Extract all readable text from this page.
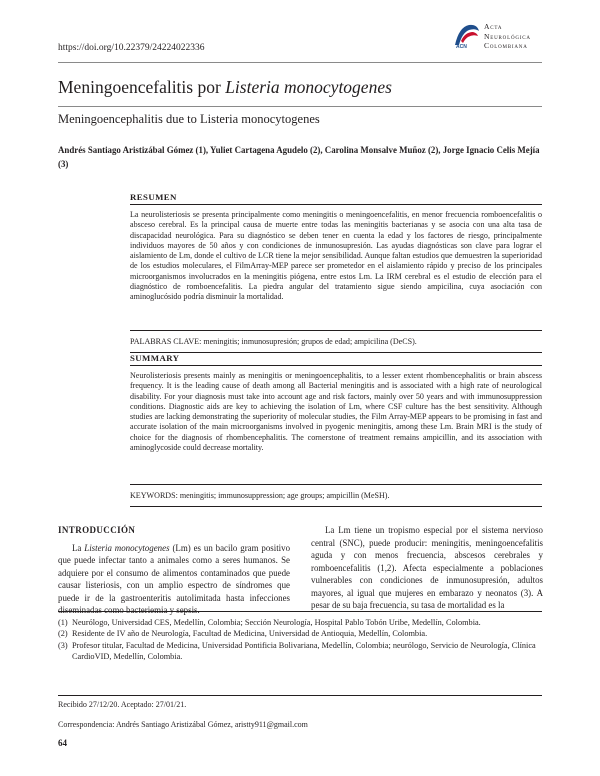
https://doi.org/10.22379/24224022336	ACN
Acta
Neurológica
Colombiana
Meningoencefalitis por Listeria monocytogenes
Meningoencephalitis due to Listeria monocytogenes
Andrés Santiago Aristizábal Gómez (1), Yuliet Cartagena Agudelo (2), Carolina Monsalve Muñoz (2), Jorge Ignacio Celis Mejía (3)
RESUMEN

La neurolisteriosis se presenta principalmente como meningitis o meningoencefalitis, en menor frecuencia romboencefalitis o absceso cerebral. Es la principal causa de muerte entre todas las meningitis bacterianas y se asocia con una alta tasa de discapacidad neurológica. Para su diagnóstico se deben tener en cuenta la edad y los factores de riesgo, principalmente individuos mayores de 50 años y con condiciones de inmunosupresión. Las ayudas diagnósticas son clave para lograr el aislamiento de Lm, donde el cultivo de LCR tiene la mejor sensibilidad. Aunque faltan estudios que demuestren la superioridad de los estudios moleculares, el FilmArray-MEP parece ser prometedor en el aislamiento rápido y preciso de los principales microorganismos involucrados en la meningitis piógena, entre estos Lm. La IRM cerebral es el estudio de elección para el diagnóstico de romboencefalitis. La piedra angular del tratamiento sigue siendo ampicilina, cuya asociación con aminoglucósido podría disminuir la mortalidad.

PALABRAS CLAVE: meningitis; inmunosupresión; grupos de edad; ampicilina (DeCS).
SUMMARY

Neurolisteriosis presents mainly as meningitis or meningoencephalitis, to a lesser extent rhombencephalitis or brain abscess frequency. It is the leading cause of death among all Bacterial meningitis and is associated with a high rate of neurological disability. For your diagnosis must take into account age and risk factors, mainly over 50 years and with immunosuppression conditions. Diagnostic aids are key to achieving the isolation of Lm, where CSF culture has the best sensitivity. Although studies are lacking demonstrating the superiority of molecular studies, the Film Array-MEP appears to be promising in fast and accurate isolation of the main microorganisms involved in pyogenic meningitis, among these Lm. Brain MRI is the study of choice for the diagnosis of rhombencephalitis. The cornerstone of treatment remains ampicillin, and its association with aminoglycoside could decrease mortality.

KEYWORDS: meningitis; immunosuppression; age groups; ampicillin (MeSH).
INTRODUCCIÓN

La Listeria monocytogenes (Lm) es un bacilo gram positivo que puede infectar tanto a animales como a seres humanos. Se adquiere por el consumo de alimentos contaminados que puede causar listeriosis, con un amplio espectro de síndromes que puede ir de la gastroenteritis autolimitada hasta infecciones diseminadas como bacteriemia y sepsis.

La Lm tiene un tropismo especial por el sistema nervioso central (SNC), puede producir: meningitis, meningoencefalitis aguda y con menos frecuencia, abscesos cerebrales y romboencefalitis (1,2). Afecta especialmente a poblaciones vulnerables con condiciones de inmunosupresión, adultos mayores, al igual que mujeres en embarazo y neonatos (3). A pesar de su baja frecuencia, su tasa de mortalidad es la

(1) Neurólogo, Universidad CES, Medellín, Colombia; Sección Neurología, Hospital Pablo Tobón Uribe, Medellín, Colombia.
(2) Residente de IV año de Neurología, Facultad de Medicina, Universidad de Antioquia, Medellín, Colombia.
(3) Profesor titular, Facultad de Medicina, Universidad Pontificia Bolivariana, Medellín, Colombia; neurólogo, Servicio de Neurología, Clínica CardioVID, Medellín, Colombia.
Recibido 27/12/20. Aceptado: 27/01/21.
Correspondencia: Andrés Santiago Aristizábal Gómez, aristty911@gmail.com
64
